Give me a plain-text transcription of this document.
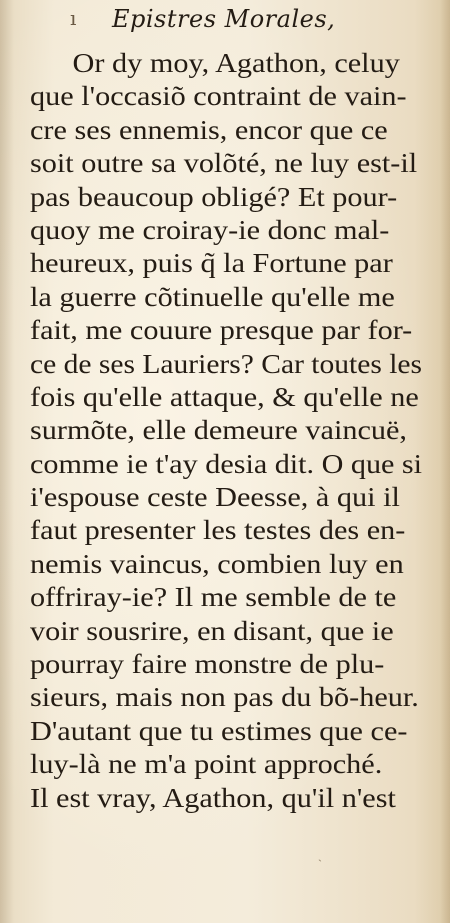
ı Epistres Morales,
Or dy moy, Agathon, celuy
que l'occasiõ contraint de vain-
cre ses ennemis, encor que ce
soit outre sa volõté, ne luy est-il
pas beaucoup obligé? Et pour-
quoy me croiray-ie donc mal-
heureux, puis q̃ la Fortune par
la guerre cõtinuelle qu'elle me
fait, me couure presque par for-
ce de ses Lauriers? Car toutes les
fois qu'elle attaque, & qu'elle ne
surmõte, elle demeure vaincuë,
comme ie t'ay desia dit. O que si
i'espouse ceste Deesse, à qui il
faut presenter les testes des en-
nemis vaincus, combien luy en
offriray-ie? Il me semble de te
voir sousrire, en disant, que ie
pourray faire monstre de plu-
sieurs, mais non pas du bõ-heur.
D'autant que tu estimes que ce-
luy-là ne m'a point approché.
Il est vray, Agathon, qu'il n'est
ˎ
